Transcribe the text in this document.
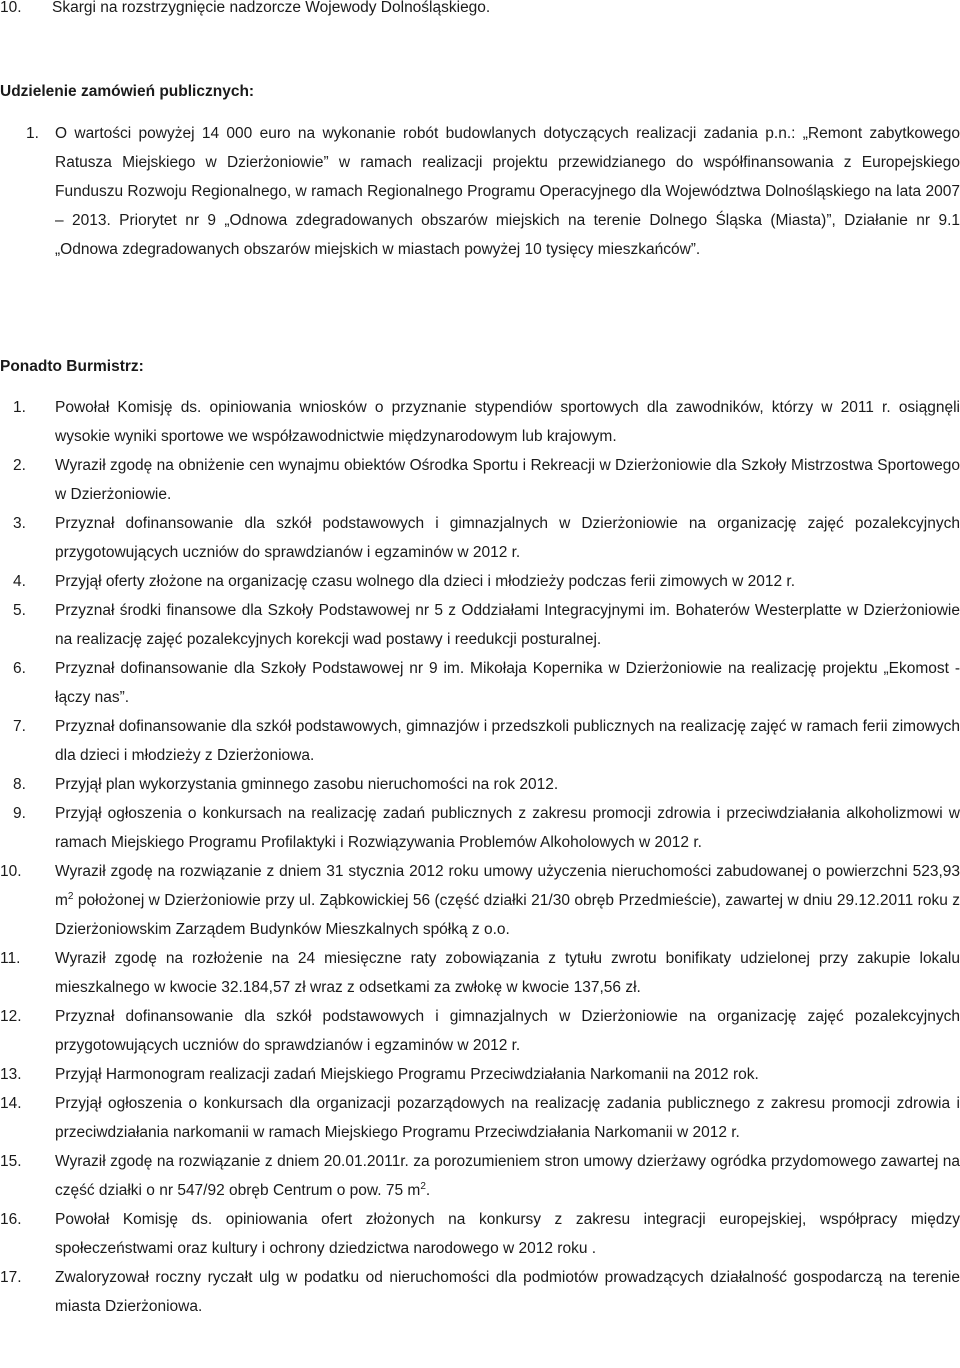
10. Skargi na rozstrzygnięcie nadzorcze Wojewody Dolnośląskiego.
Udzielenie zamówień publicznych:
1.	O wartości powyżej 14 000 euro na wykonanie robót budowlanych dotyczących realizacji zadania p.n.: „Remont zabytkowego Ratusza Miejskiego w Dzierżoniowie” w ramach realizacji projektu przewidzianego do współfinansowania z Europejskiego Funduszu Rozwoju Regionalnego, w ramach Regionalnego Programu Operacyjnego dla Województwa Dolnośląskiego na lata 2007 – 2013. Priorytet nr 9 „Odnowa zdegradowanych obszarów miejskich na terenie Dolnego Śląska (Miasta)”, Działanie nr 9.1 „Odnowa zdegradowanych obszarów miejskich w miastach powyżej 10 tysięcy mieszkańców”.
Ponadto Burmistrz:
1.	Powołał Komisję ds. opiniowania wniosków o przyznanie stypendiów sportowych dla zawodników, którzy w 2011 r. osiągnęli wysokie wyniki sportowe we współzawodnictwie międzynarodowym lub krajowym.
2.	Wyraził zgodę na obniżenie cen wynajmu obiektów Ośrodka Sportu i Rekreacji w Dzierżoniowie dla Szkoły Mistrzostwa Sportowego w Dzierżoniowie.
3.	Przyznał dofinansowanie dla szkół podstawowych i gimnazjalnych w Dzierżoniowie na organizację zajęć pozalekcyjnych przygotowujących uczniów do sprawdzianów i egzaminów w 2012 r.
4.	Przyjął oferty złożone na organizację czasu wolnego dla dzieci i młodzieży podczas ferii zimowych w 2012 r.
5.	Przyznał środki finansowe dla Szkoły Podstawowej nr 5 z Oddziałami Integracyjnymi im. Bohaterów Westerplatte w Dzierżoniowie na realizację zajęć pozalekcyjnych korekcji wad postawy i reedukcji posturalnej.
6.	Przyznał dofinansowanie dla Szkoły Podstawowej nr 9 im. Mikołaja Kopernika w Dzierżoniowie na realizację projektu „Ekomost - łączy nas”.
7.	Przyznał dofinansowanie dla szkół podstawowych, gimnazjów i przedszkoli publicznych na realizację zajęć w ramach ferii zimowych dla dzieci i młodzieży z Dzierżoniowa.
8.	Przyjął plan wykorzystania gminnego zasobu nieruchomości na rok 2012.
9.	Przyjął ogłoszenia o konkursach na realizację zadań publicznych z zakresu promocji zdrowia i przeciwdziałania alkoholizmowi w ramach Miejskiego Programu Profilaktyki i Rozwiązywania Problemów Alkoholowych w 2012 r.
10.	Wyraził zgodę na rozwiązanie z dniem 31 stycznia 2012 roku umowy użyczenia nieruchomości zabudowanej o powierzchni 523,93 $m^2$ położonej w Dzierżoniowie przy ul. Ząbkowickiej 56 (część działki 21/30 obręb Przedmieście), zawartej w dniu 29.12.2011 roku z Dzierżoniowskim Zarządem Budynków Mieszkalnych spółką z o.o.
11.	Wyraził zgodę na rozłożenie na 24 miesięczne raty zobowiązania z tytułu zwrotu bonifikaty udzielonej przy zakupie lokalu mieszkalnego w kwocie 32.184,57 zł wraz z odsetkami za zwłokę w kwocie 137,56 zł.
12.	Przyznał dofinansowanie dla szkół podstawowych i gimnazjalnych w Dzierżoniowie na organizację zajęć pozalekcyjnych przygotowujących uczniów do sprawdzianów i egzaminów w 2012 r.
13.	Przyjął Harmonogram realizacji zadań Miejskiego Programu Przeciwdziałania Narkomanii na 2012 rok.
14.	Przyjął ogłoszenia o konkursach dla organizacji pozarządowych na realizację zadania publicznego z zakresu promocji zdrowia i przeciwdziałania narkomanii w ramach Miejskiego Programu Przeciwdziałania Narkomanii w 2012 r.
15.	Wyraził zgodę na rozwiązanie z dniem 20.01.2011r. za porozumieniem stron umowy dzierżawy ogródka przydomowego zawartej na część działki o nr 547/92 obręb Centrum o pow. 75 $m^2$.
16.	Powołał Komisję ds. opiniowania ofert złożonych na konkursy z zakresu integracji europejskiej, współpracy między społeczeństwami oraz kultury i ochrony dziedzictwa narodowego w 2012 roku .
17.	Zwaloryzował roczny ryczałt ulg w podatku od nieruchomości dla podmiotów prowadzących działalność gospodarczą na terenie miasta Dzierżoniowa.
